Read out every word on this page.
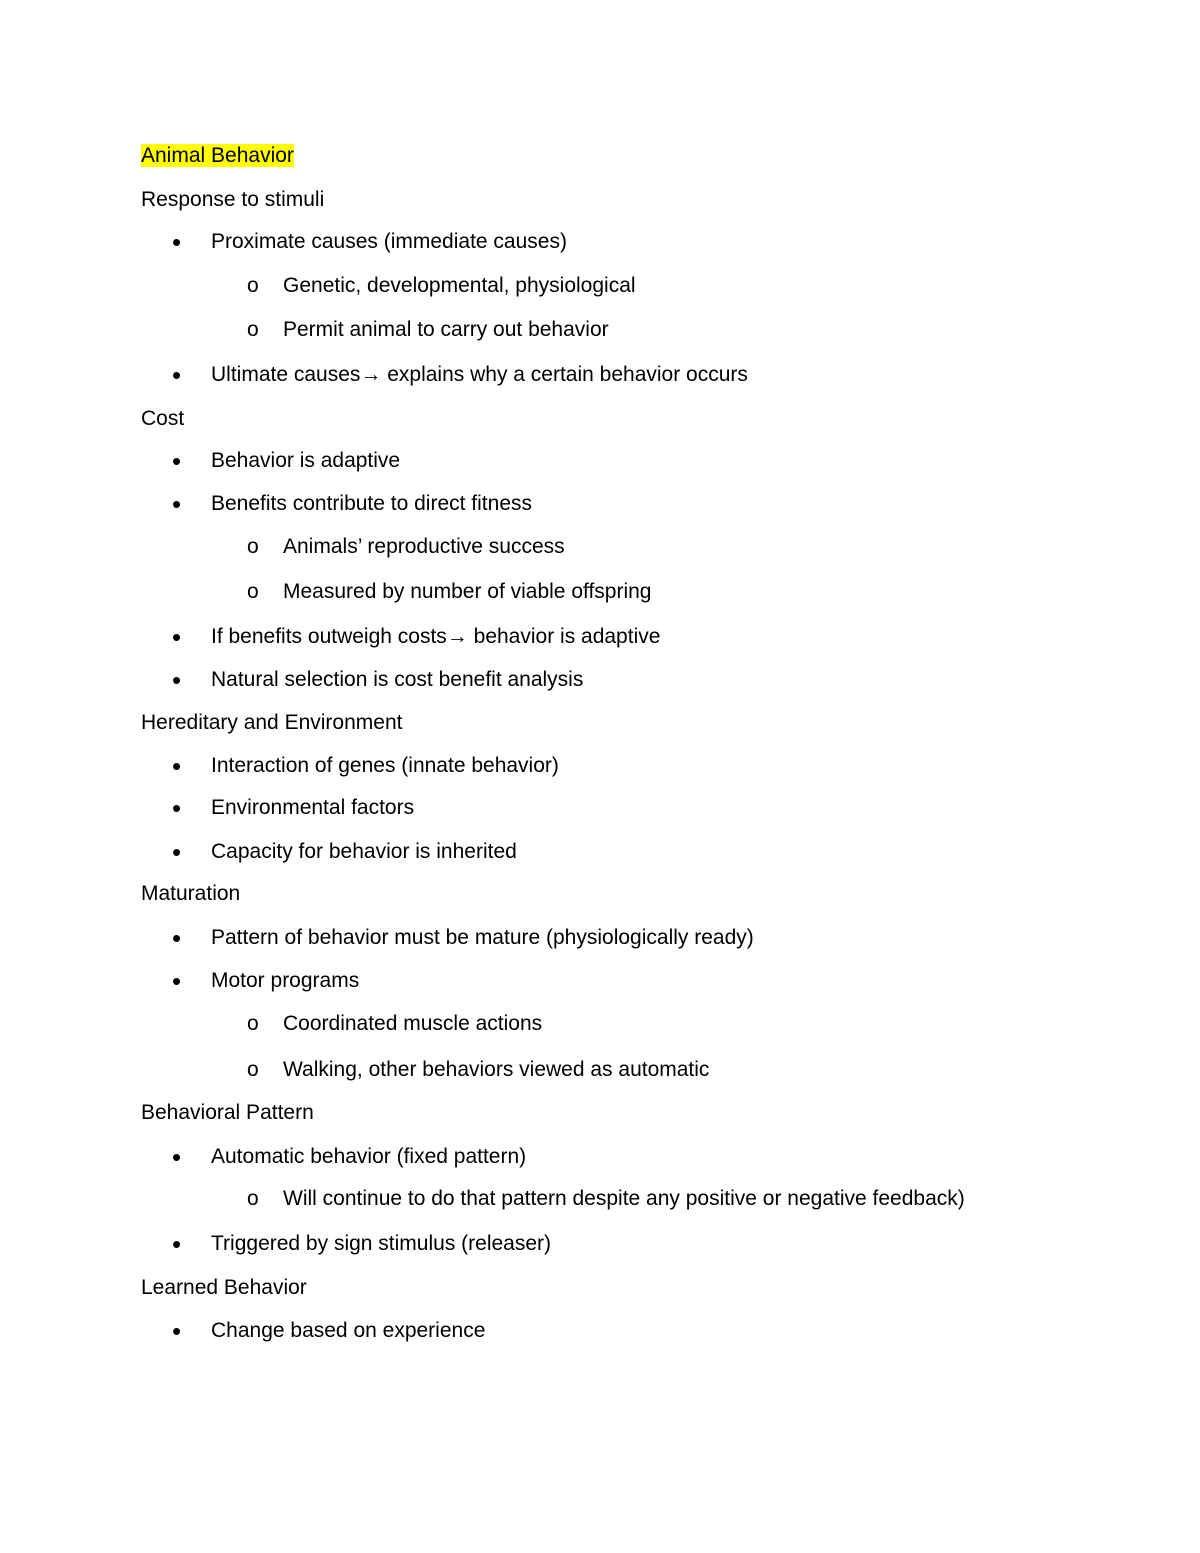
Animal Behavior
Response to stimuli
• Proximate causes (immediate causes)
o Genetic, developmental, physiological
o Permit animal to carry out behavior
• Ultimate causes→ explains why a certain behavior occurs
Cost
• Behavior is adaptive
• Benefits contribute to direct fitness
o Animals’ reproductive success
o Measured by number of viable offspring
• If benefits outweigh costs→ behavior is adaptive
• Natural selection is cost benefit analysis
Hereditary and Environment
• Interaction of genes (innate behavior)
• Environmental factors
• Capacity for behavior is inherited
Maturation
• Pattern of behavior must be mature (physiologically ready)
• Motor programs
o Coordinated muscle actions
o Walking, other behaviors viewed as automatic
Behavioral Pattern
• Automatic behavior (fixed pattern)
o Will continue to do that pattern despite any positive or negative feedback)
• Triggered by sign stimulus (releaser)
Learned Behavior
• Change based on experience
